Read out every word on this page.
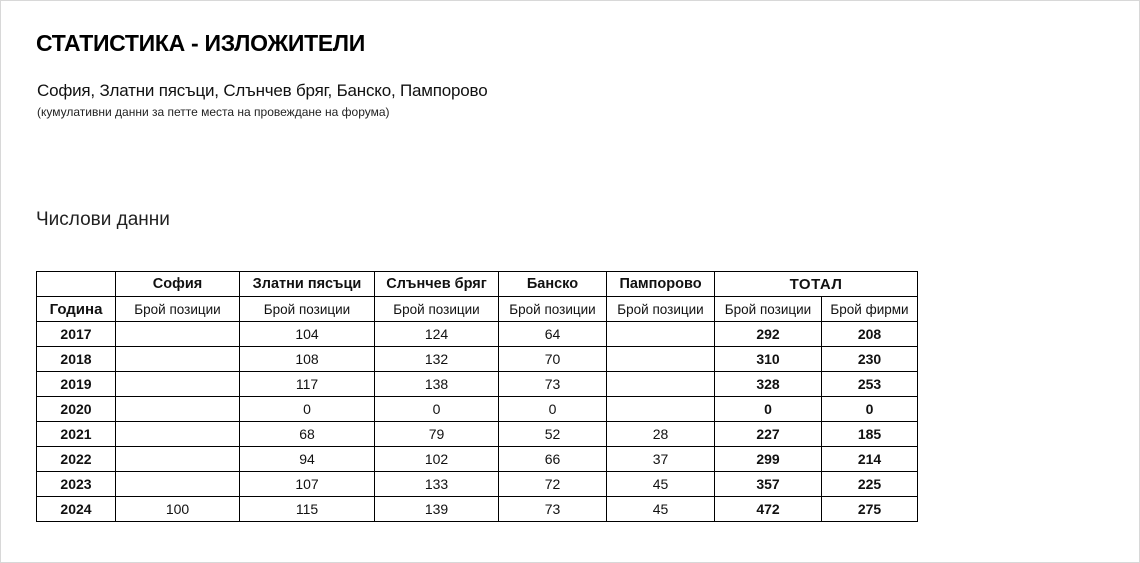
СТАТИСТИКА - ИЗЛОЖИТЕЛИ
София, Златни пясъци, Слънчев бряг, Банско, Пампорово
(кумулативни данни за петте места на провеждане на форума)
Числови данни
	София	Златни пясъци	Слънчев бряг	Банско	Пампорово	ТОТАЛ	
Година	Брой позиции	Брой позиции	Брой позиции	Брой позиции	Брой позиции	Брой позиции	Брой фирми
2017		104	124	64		292	208
2018		108	132	70		310	230
2019		117	138	73		328	253
2020		0	0	0		0	0
2021		68	79	52	28	227	185
2022		94	102	66	37	299	214
2023		107	133	72	45	357	225
2024	100	115	139	73	45	472	275
